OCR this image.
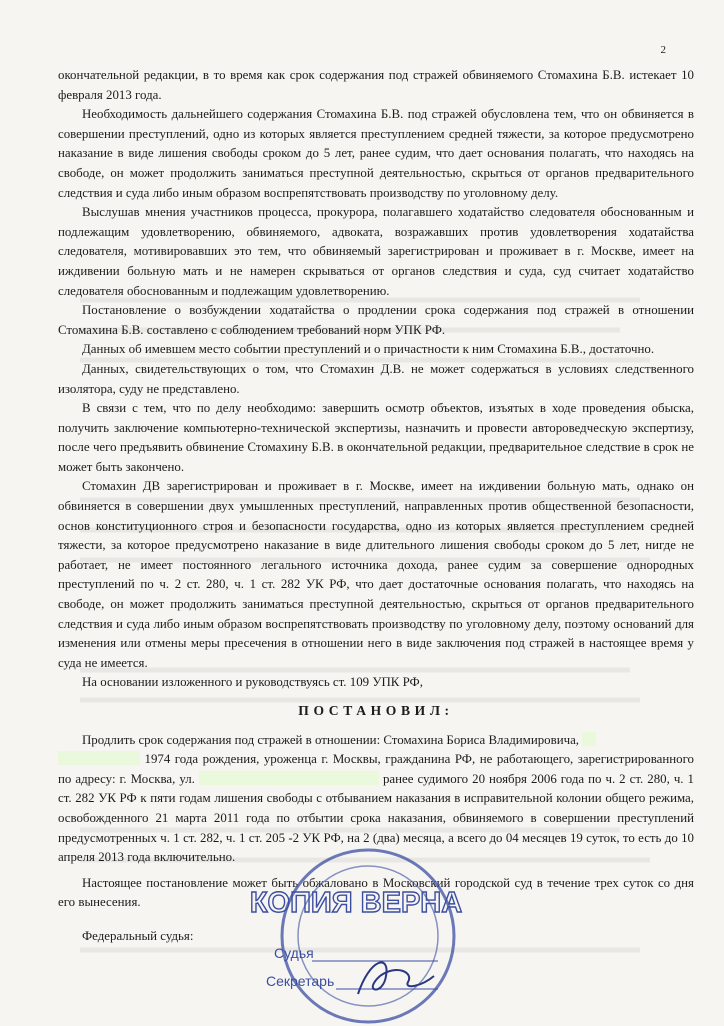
2

окончательной редакции, в то время как срок содержания под стражей обвиняемого Стомахина Б.В. истекает 10 февраля 2013 года.

Необходимость дальнейшего содержания Стомахина Б.В. под стражей обусловлена тем, что он обвиняется в совершении преступлений, одно из которых является преступлением средней тяжести, за которое предусмотрено наказание в виде лишения свободы сроком до 5 лет, ранее судим, что дает основания полагать, что находясь на свободе, он может продолжить заниматься преступной деятельностью, скрыться от органов предварительного следствия и суда либо иным образом воспрепятствовать производству по уголовному делу.

Выслушав мнения участников процесса, прокурора, полагавшего ходатайство следователя обоснованным и подлежащим удовлетворению, обвиняемого, адвоката, возражавших против удовлетворения ходатайства следователя, мотивировавших это тем, что обвиняемый зарегистрирован и проживает в г. Москве, имеет на иждивении больную мать и не намерен скрываться от органов следствия и суда, суд считает ходатайство следователя обоснованным и подлежащим удовлетворению.

Постановление о возбуждении ходатайства о продлении срока содержания под стражей в отношении Стомахина Б.В. составлено с соблюдением требований норм УПК РФ.

Данных об имевшем место событии преступлений и о причастности к ним Стомахина Б.В., достаточно.

Данных, свидетельствующих о том, что Стомахин Д.В. не может содержаться в условиях следственного изолятора, суду не представлено.

В связи с тем, что по делу необходимо: завершить осмотр объектов, изъятых в ходе проведения обыска, получить заключение компьютерно-технической экспертизы, назначить и провести автороведческую экспертизу, после чего предъявить обвинение Стомахину Б.В. в окончательной редакции, предварительное следствие в срок не может быть закончено.

Стомахин ДВ зарегистрирован и проживает в г. Москве, имеет на иждивении больную мать, однако он обвиняется в совершении двух умышленных преступлений, направленных против общественной безопасности, основ конституционного строя и безопасности государства, одно из которых является преступлением средней тяжести, за которое предусмотрено наказание в виде длительного лишения свободы сроком до 5 лет, нигде не работает, не имеет постоянного легального источника дохода, ранее судим за совершение однородных преступлений по ч. 2 ст. 280, ч. 1 ст. 282 УК РФ, что дает достаточные основания полагать, что находясь на свободе, он может продолжить заниматься преступной деятельностью, скрыться от органов предварительного следствия и суда либо иным образом воспрепятствовать производству по уголовному делу, поэтому оснований для изменения или отмены меры пресечения в отношении него в виде заключения под стражей в настоящее время у суда не имеется.

На основании изложенного и руководствуясь ст. 109 УПК РФ,

ПОСТАНОВИЛ:

Продлить срок содержания под стражей в отношении: Стомахина Бориса Владимировича,
1974 года рождения, уроженца г. Москвы, гражданина РФ, не работающего, зарегистрированного по адресу: г. Москва, ул.	ранее судимого 20 ноября 2006 года по ч. 2 ст. 280, ч. 1 ст. 282 УК РФ к пяти годам лишения свободы с отбыванием наказания в исправительной колонии общего режима, освобожденного 21 марта 2011 года по отбытии срока наказания, обвиняемого в совершении преступлений предусмотренных ч. 1 ст. 282, ч. 1 ст. 205 -2 УК РФ, на 2 (два) месяца, а всего до 04 месяцев 19 суток, то есть до 10 апреля 2013 года включительно.

Настоящее постановление может быть обжаловано в Московский городской суд в течение трех суток со дня его вынесения.

Федеральный судья:
КОПИЯ ВЕРНА
Судья
Секретарь
